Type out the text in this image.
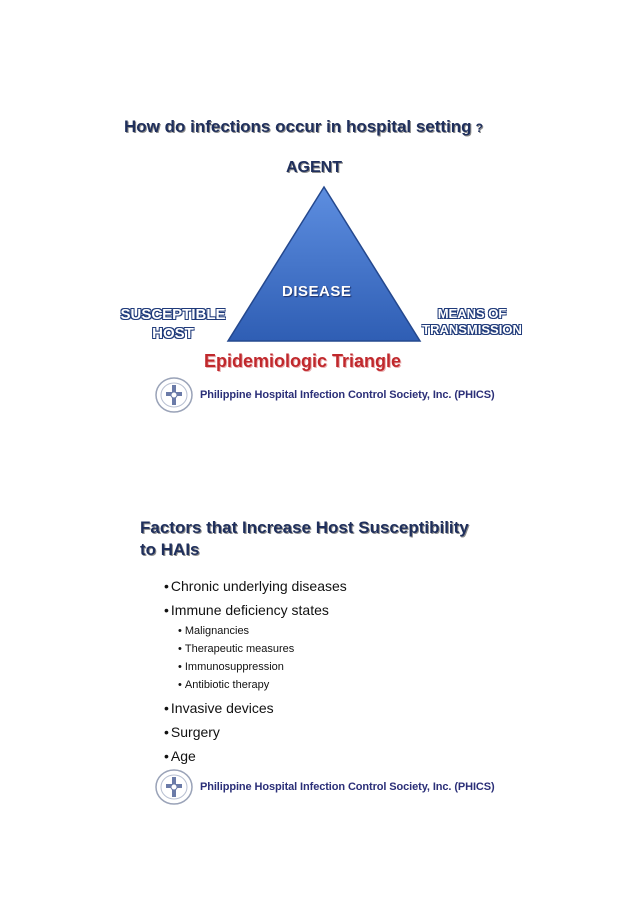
How do infections occur in hospital setting ?
AGENT
DISEASE
SUSCEPTIBLE
HOST
MEANS OF
TRANSMISSION
Epidemiologic Triangle
Philippine Hospital Infection Control Society, Inc. (PHICS)
Factors that Increase Host Susceptibility
to HAIs
• Chronic underlying diseases
• Immune deficiency states
• Malignancies
• Therapeutic measures
• Immunosuppression
• Antibiotic therapy
• Invasive devices
• Surgery
• Age
Philippine Hospital Infection Control Society, Inc. (PHICS)
